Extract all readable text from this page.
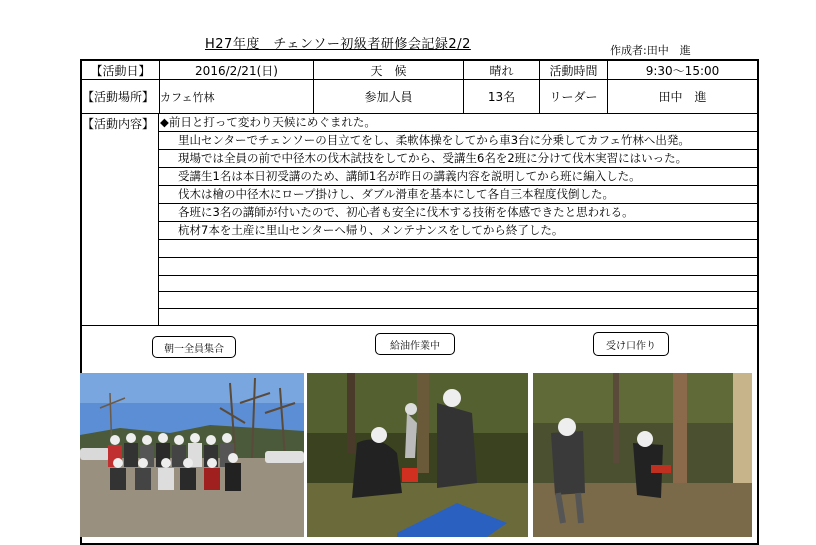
H27年度　チェンソー初級者研修会記録2/2	作成者:田中　進
【活動日】	2016/2/21(日)	天　候	晴れ	活動時間	9:30〜15:00
【活動場所】 カフェ竹林	参加人員	13名	リーダー	田中　進
【活動内容】 ◆前日と打って変わり天候にめぐまれた。
里山センターでチェンソーの目立てをし、柔軟体操をしてから車3台に分乗してカフェ竹林へ出発。
現場では全員の前で中径木の伐木試技をしてから、受講生6名を2班に分けて伐木実習にはいった。
受講生1名は本日初受講のため、講師1名が昨日の講義内容を説明してから班に編入した。
伐木は檜の中径木にロープ掛けし、ダブル滑車を基本にして各自三本程度伐倒した。
各班に3名の講師が付いたので、初心者も安全に伐木する技術を体感できたと思われる。
杭材7本を土産に里山センターへ帰り、メンテナンスをしてから終了した。
朝一全員集合	給油作業中	受け口作り
